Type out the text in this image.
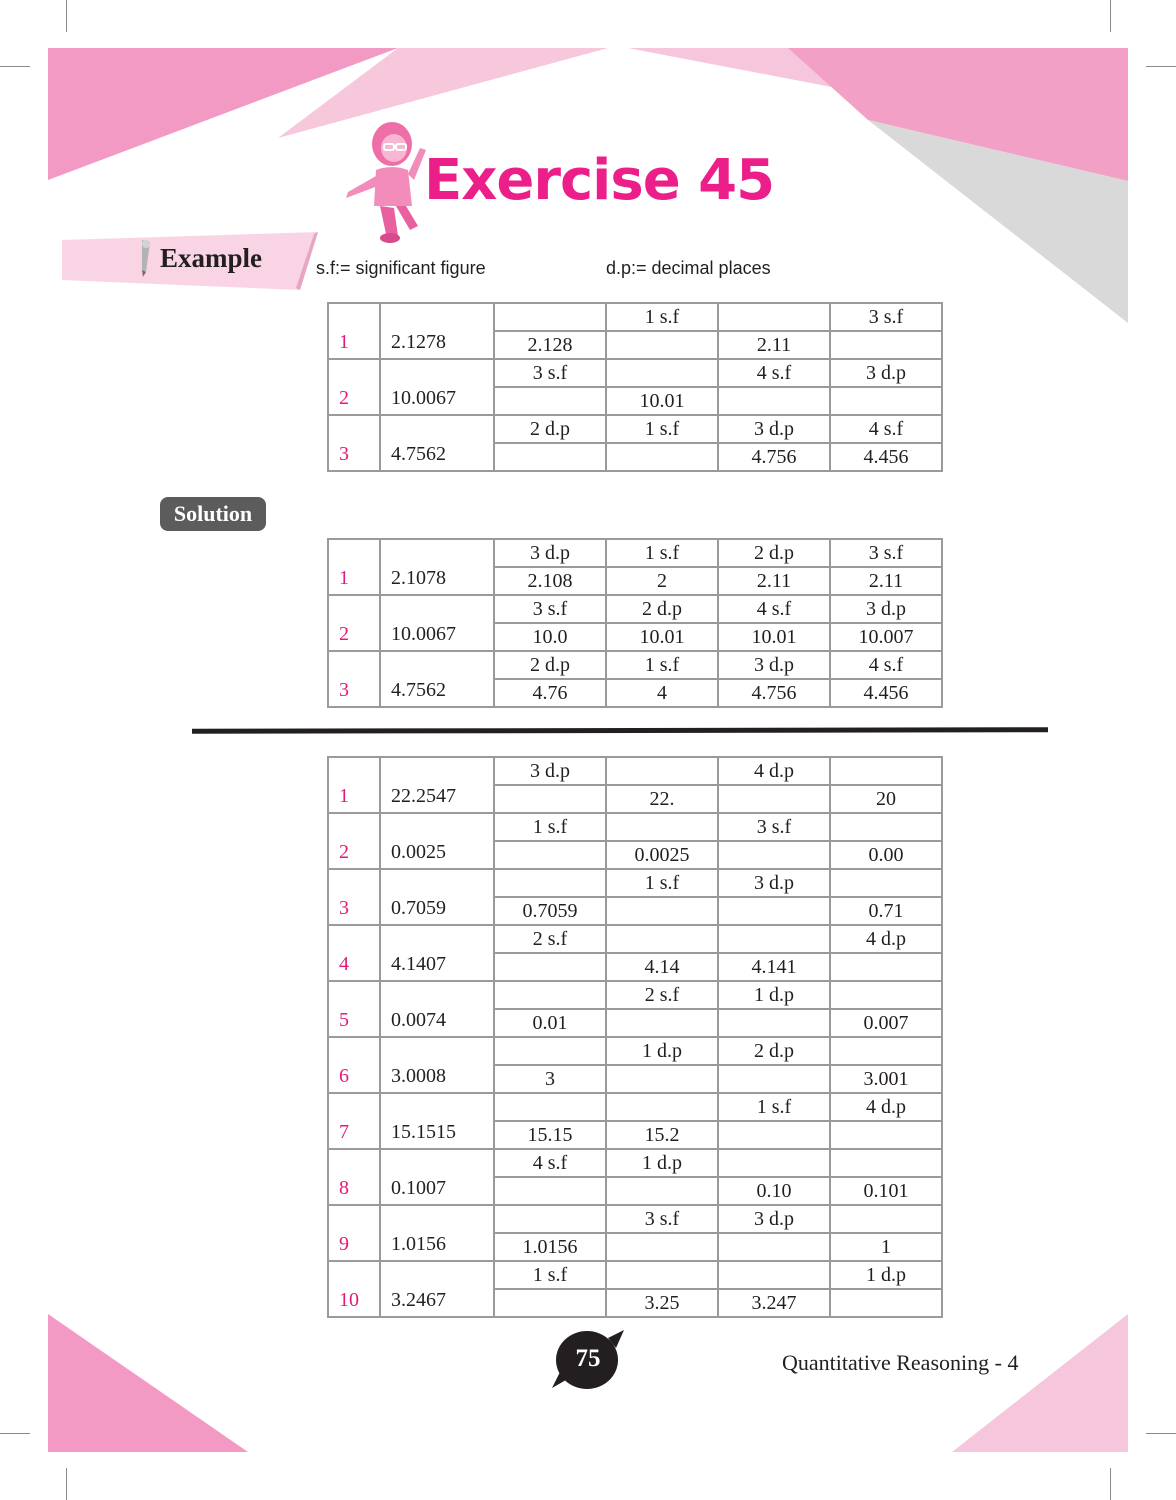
Exercise 45
Example	s.f:= significant figure	d.p:= decimal places
1	2.1278		1 s.f		3 s.f
		2.128		2.11	
2	10.0067	3 s.f		4 s.f	3 d.p
			10.01		
3	4.7562	2 d.p	1 s.f	3 d.p	4 s.f
				4.756	4.456
Solution
1	2.1078	3 d.p	1 s.f	2 d.p	3 s.f
		2.108	2	2.11	2.11
2	10.0067	3 s.f	2 d.p	4 s.f	3 d.p
		10.0	10.01	10.01	10.007
3	4.7562	2 d.p	1 s.f	3 d.p	4 s.f
		4.76	4	4.756	4.456
1	22.2547	3 d.p		4 d.p	
			22.		20
2	0.0025	1 s.f		3 s.f	
			0.0025		0.00
3	0.7059		1 s.f	3 d.p	
		0.7059			0.71
4	4.1407	2 s.f			4 d.p
			4.14	4.141	
5	0.0074		2 s.f	1 d.p	
		0.01			0.007
6	3.0008		1 d.p	2 d.p	
		3			3.001
7	15.1515			1 s.f	4 d.p
		15.15	15.2		
8	0.1007	4 s.f	1 d.p		
				0.10	0.101
9	1.0156		3 s.f	3 d.p	
		1.0156			1
10	3.2467	1 s.f			1 d.p
			3.25	3.247	
75	Quantitative Reasoning - 4
